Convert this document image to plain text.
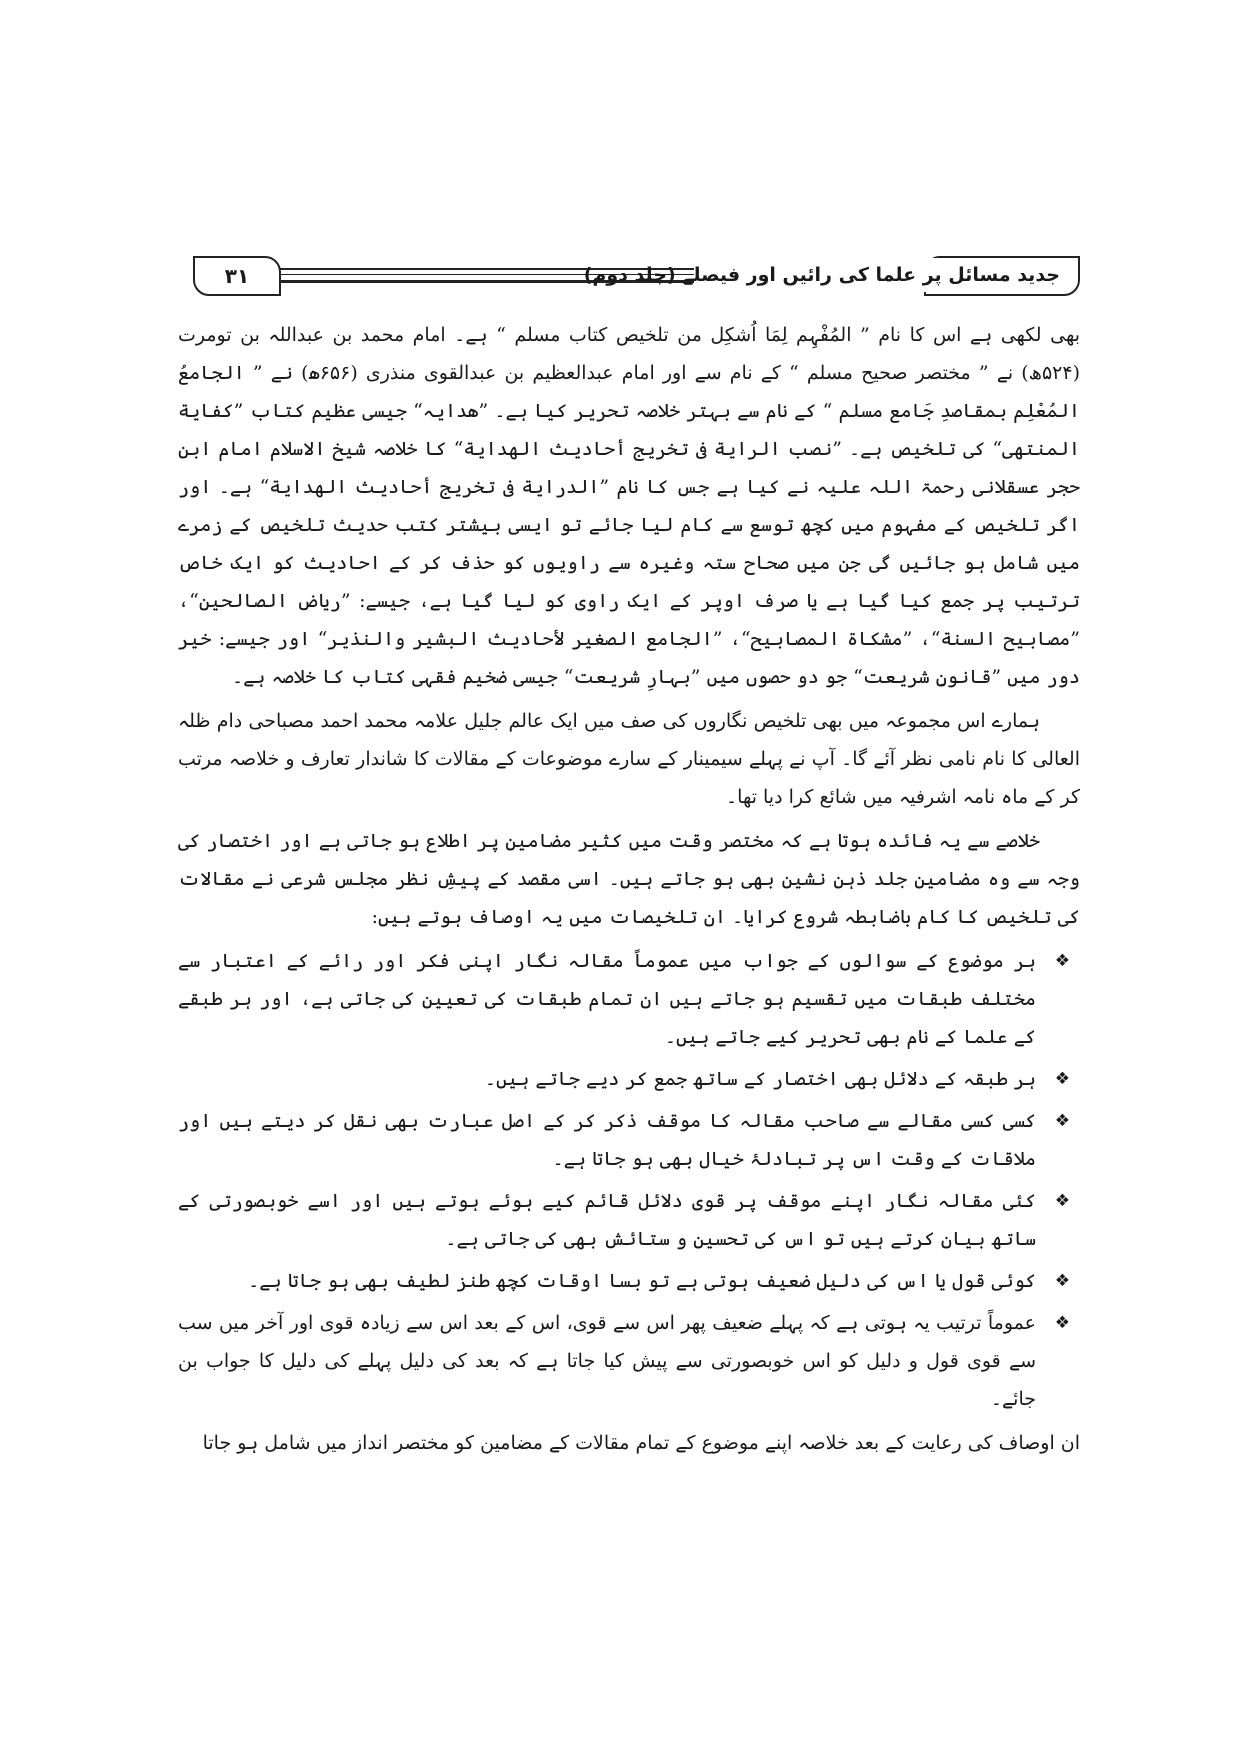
۳۱	جدید مسائل پر علما کی رائیں اور فیصلے (جلد دوم)

بھی لکھی ہے اس کا نام ” المُفْہِم لِمَا اُشکِل من تلخیص کتاب مسلم “ ہے۔ امام محمد بن عبداللہ بن تومرت (۵۲۴ھ) نے ” مختصر صحیح مسلم “ کے نام سے اور امام عبدالعظیم بن عبدالقوی منذری (۶۵۶ھ) نے ” الجامعُ المُعْلِم بمقاصدِ جَامع مسلم “ کے نام سے بہتر خلاصہ تحریر کیا ہے۔ ”ھدایہ“ جیسی عظیم کتاب ”کفایة المنتھی“ کی تلخیص ہے۔ ”نصب الرایة فی تخریج أحادیث الھدایة“ کا خلاصہ شیخ الاسلام امام ابن حجر عسقلانی رحمۃ اللہ علیہ نے کیا ہے جس کا نام ”الدرایة فی تخریج أحادیث الھدایة“ ہے۔ اور اگر تلخیص کے مفہوم میں کچھ توسع سے کام لیا جائے تو ایسی بیشتر کتب حدیث تلخیص کے زمرے میں شامل ہو جائیں گی جن میں صحاح ستہ وغیرہ سے راویوں کو حذف کر کے احادیث کو ایک خاص ترتیب پر جمع کیا گیا ہے یا صرف اوپر کے ایک راوی کو لیا گیا ہے، جیسے: ”ریاض الصالحین“، ”مصابیح السنة“، ”مشکاۃ المصابیح“، ”الجامع الصغیر لأحادیث البشیر والنذیر“ اور جیسے: خیر دور میں ”قانونِ شریعت“ جو دو حصوں میں ”بہارِ شریعت“ جیسی ضخیم فقہی کتاب کا خلاصہ ہے۔

ہمارے اس مجموعہ میں بھی تلخیص نگاروں کی صف میں ایک عالم جلیل علامہ محمد احمد مصباحی دام ظلہ العالی کا نام نامی نظر آئے گا۔ آپ نے پہلے سیمینار کے سارے موضوعات کے مقالات کا شاندار تعارف و خلاصہ مرتب کر کے ماہ نامہ اشرفیہ میں شائع کرا دیا تھا۔

خلاصے سے یہ فائدہ ہوتا ہے کہ مختصر وقت میں کثیر مضامین پر اطلاع ہو جاتی ہے اور اختصار کی وجہ سے وہ مضامین جلد ذہن نشین بھی ہو جاتے ہیں۔ اسی مقصد کے پیشِ نظر مجلس شرعی نے مقالات کی تلخیص کا کام باضابطہ شروع کرایا۔ ان تلخیصات میں یہ اوصاف ہوتے ہیں:

❖
ہر موضوع کے سوالوں کے جواب میں عموماً مقالہ نگار اپنی فکر اور رائے کے اعتبار سے مختلف طبقات میں تقسیم ہو جاتے ہیں ان تمام طبقات کی تعیین کی جاتی ہے، اور ہر طبقے کے علما کے نام بھی تحریر کیے جاتے ہیں۔
❖
ہر طبقہ کے دلائل بھی اختصار کے ساتھ جمع کر دیے جاتے ہیں۔
❖
کسی کسی مقالے سے صاحب مقالہ کا موقف ذکر کر کے اصل عبارت بھی نقل کر دیتے ہیں اور ملاقات کے وقت اس پر تبادلۂ خیال بھی ہو جاتا ہے۔
❖
کئی مقالہ نگار اپنے موقف پر قوی دلائل قائم کیے ہوئے ہوتے ہیں اور اسے خوبصورتی کے ساتھ بیان کرتے ہیں تو اس کی تحسین و ستائش بھی کی جاتی ہے۔
❖
کوئی قول یا اس کی دلیل ضعیف ہوتی ہے تو بسا اوقات کچھ طنز لطیف بھی ہو جاتا ہے۔
❖
عموماً ترتیب یہ ہوتی ہے کہ پہلے ضعیف پھر اس سے قوی، اس کے بعد اس سے زیادہ قوی اور آخر میں سب سے قوی قول و دلیل کو اس خوبصورتی سے پیش کیا جاتا ہے کہ بعد کی دلیل پہلے کی دلیل کا جواب بن جائے۔

ان اوصاف کی رعایت کے بعد خلاصہ اپنے موضوع کے تمام مقالات کے مضامین کو مختصر انداز میں شامل ہو جاتا
